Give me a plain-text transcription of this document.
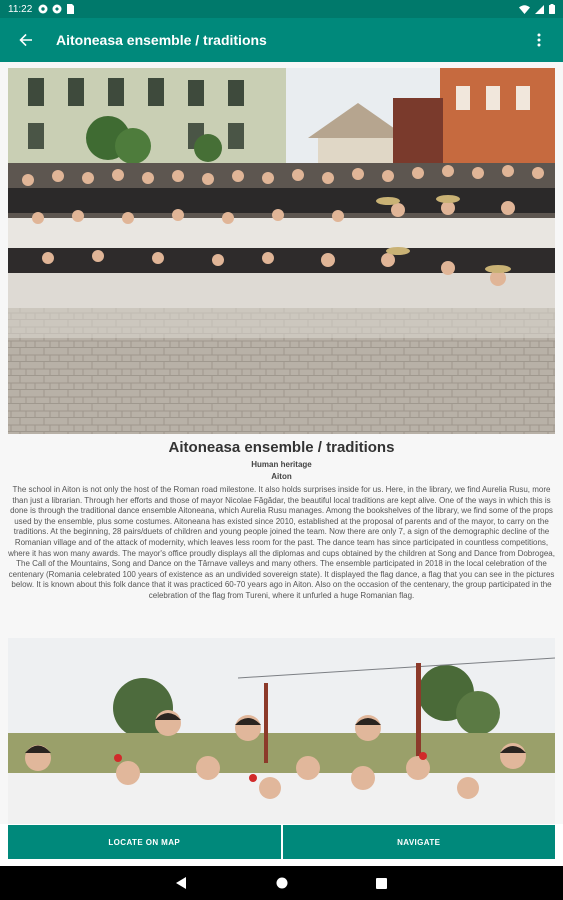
11:22
Aitoneasa ensemble / traditions
Aitoneasa ensemble / traditions
Human heritage
Aiton
The school in Aiton is not only the host of the Roman road milestone. It also holds surprises inside for us. Here, in the library, we find Aurelia Rusu, more than just a librarian. Through her efforts and those of mayor Nicolae Făgădar, the beautiful local traditions are kept alive. One of the ways in which this is done is through the traditional dance ensemble Aitoneana, which Aurelia Rusu manages. Among the bookshelves of the library, we find some of the props used by the ensemble, plus some costumes. Aitoneana has existed since 2010, established at the proposal of parents and of the mayor, to carry on the traditions. At the beginning, 28 pairs/duets of children and young people joined the team. Now there are only 7, a sign of the demographic decline of the Romanian village and of the attack of modernity, which leaves less room for the past. The dance team has since participated in countless competitions, where it has won many awards. The mayor's office proudly displays all the diplomas and cups obtained by the children at Song and Dance from Dobrogea, The Call of the Mountains, Song and Dance on the Târnave valleys and many others. The ensemble participated in 2018 in the local celebration of the centenary (Romania celebrated 100 years of existence as an undivided sovereign state). It displayed the flag dance, a flag that you can see in the pictures below. It is known about this folk dance that it was practiced 60-70 years ago in Aiton. Also on the occasion of the centenary, the group participated in the celebration of the flag from Tureni, where it unfurled a huge Romanian flag.
LOCATE ON MAP	NAVIGATE
